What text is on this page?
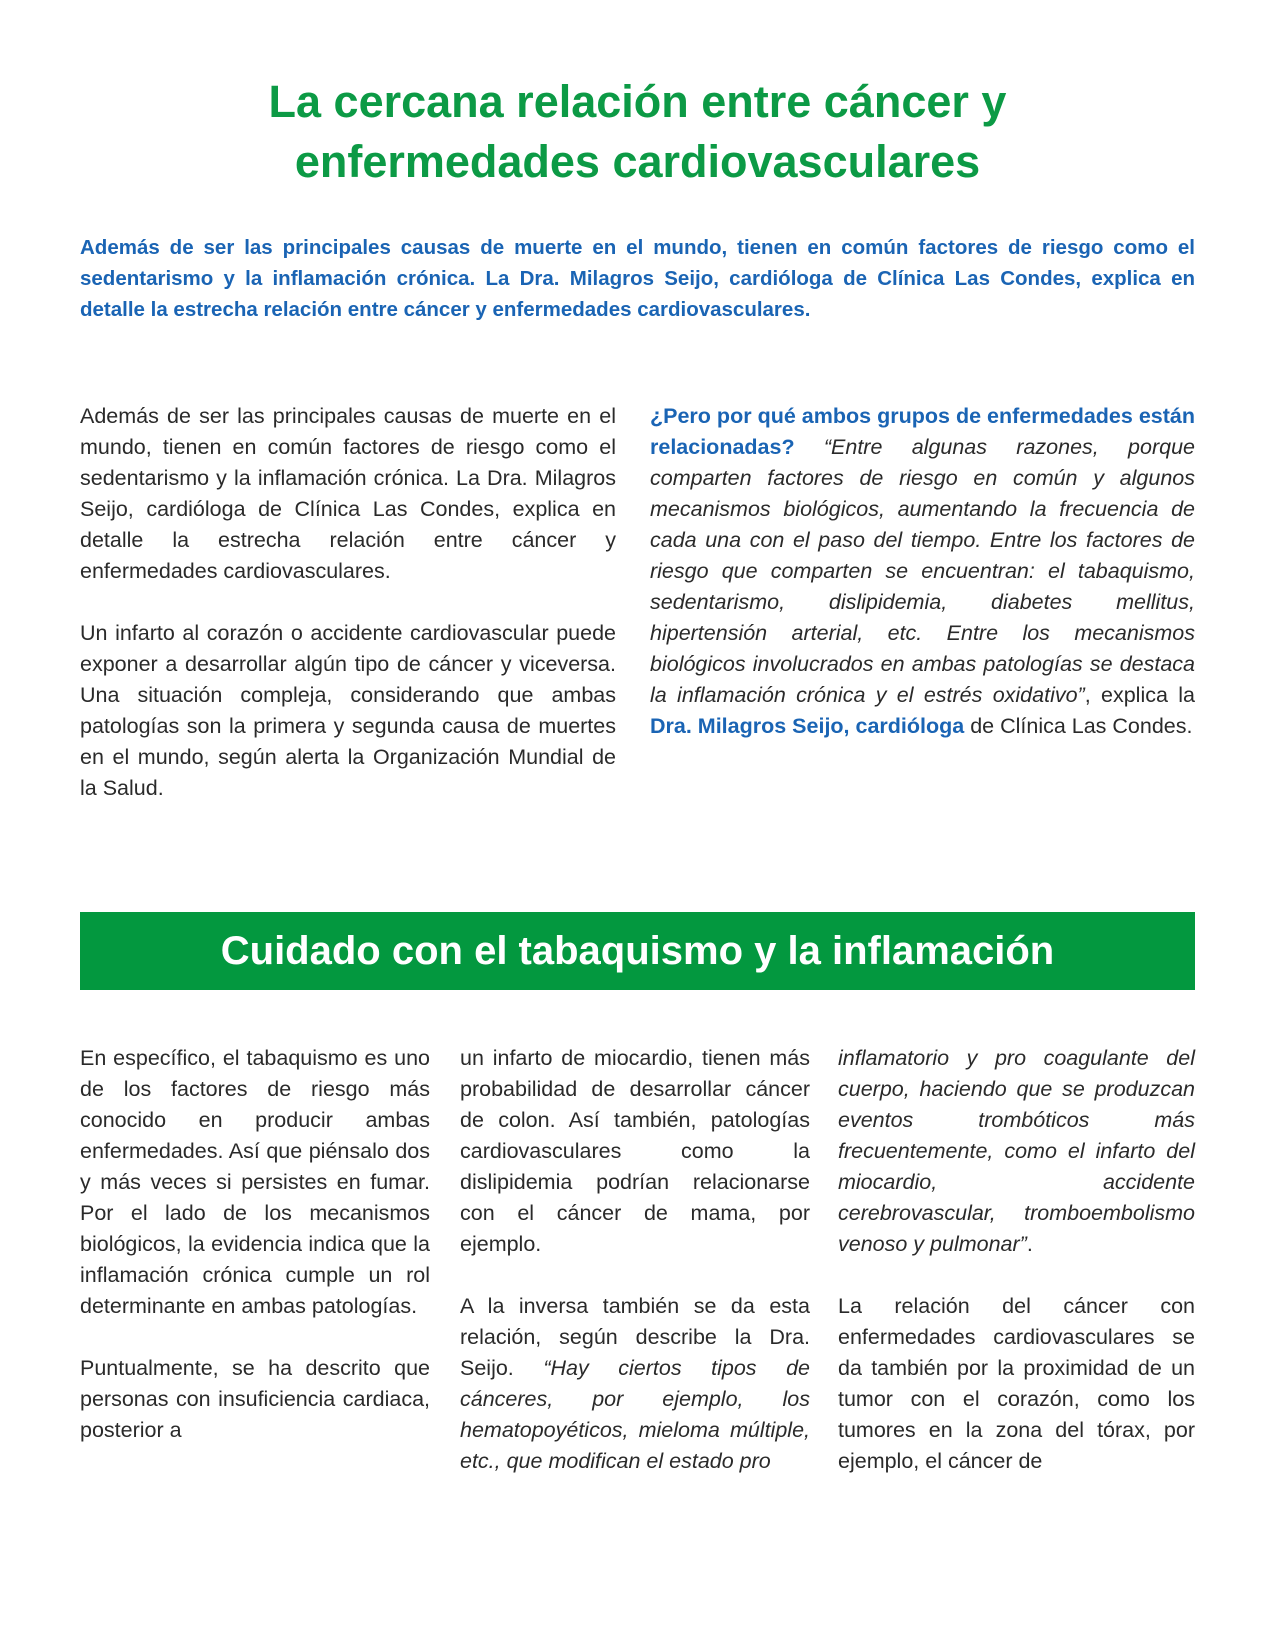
La cercana relación entre cáncer y
enfermedades cardiovasculares

Además de ser las principales causas de muerte en el mundo, tienen en común factores de riesgo como el sedentarismo y la inflamación crónica. La Dra. Milagros Seijo, cardióloga de Clínica Las Condes, explica en detalle la estrecha relación entre cáncer y enfermedades cardiovasculares.

Además de ser las principales causas de muerte en el mundo, tienen en común factores de riesgo como el sedentarismo y la inflamación crónica. La Dra. Milagros Seijo, cardióloga de Clínica Las Condes, explica en detalle la estrecha relación entre cáncer y enfermedades cardiovasculares.

Un infarto al corazón o accidente cardiovascular puede exponer a desarrollar algún tipo de cáncer y viceversa. Una situación compleja, considerando que ambas patologías son la primera y segunda causa de muertes en el mundo, según alerta la Organización Mundial de la Salud.

¿Pero por qué ambos grupos de enfermedades están relacionadas? “Entre algunas razones, porque comparten factores de riesgo en común y algunos mecanismos biológicos, aumentando la frecuencia de cada una con el paso del tiempo. Entre los factores de riesgo que comparten se encuentran: el tabaquismo, sedentarismo, dislipidemia, diabetes mellitus, hipertensión arterial, etc. Entre los mecanismos biológicos involucrados en ambas patologías se destaca la inflamación crónica y el estrés oxidativo”, explica la Dra. Milagros Seijo, cardióloga de Clínica Las Condes.

Cuidado con el tabaquismo y la inflamación

En específico, el tabaquismo es uno de los factores de riesgo más conocido en producir ambas enfermedades. Así que piénsalo dos y más veces si persistes en fumar. Por el lado de los mecanismos biológicos, la evidencia indica que la inflamación crónica cumple un rol determinante en ambas patologías.

Puntualmente, se ha descrito que personas con insuficiencia cardiaca, posterior a

un infarto de miocardio, tienen más probabilidad de desarrollar cáncer de colon. Así también, patologías cardiovasculares como la dislipidemia podrían relacionarse con el cáncer de mama, por ejemplo.

A la inversa también se da esta relación, según describe la Dra. Seijo. “Hay ciertos tipos de cánceres, por ejemplo, los hematopoyéticos, mieloma múltiple, etc., que modifican el estado pro

inflamatorio y pro coagulante del cuerpo, haciendo que se produzcan eventos trombóticos más frecuentemente, como el infarto del miocardio, accidente cerebrovascular, tromboembolismo venoso y pulmonar”.

La relación del cáncer con enfermedades cardiovasculares se da también por la proximidad de un tumor con el corazón, como los tumores en la zona del tórax, por ejemplo, el cáncer de
